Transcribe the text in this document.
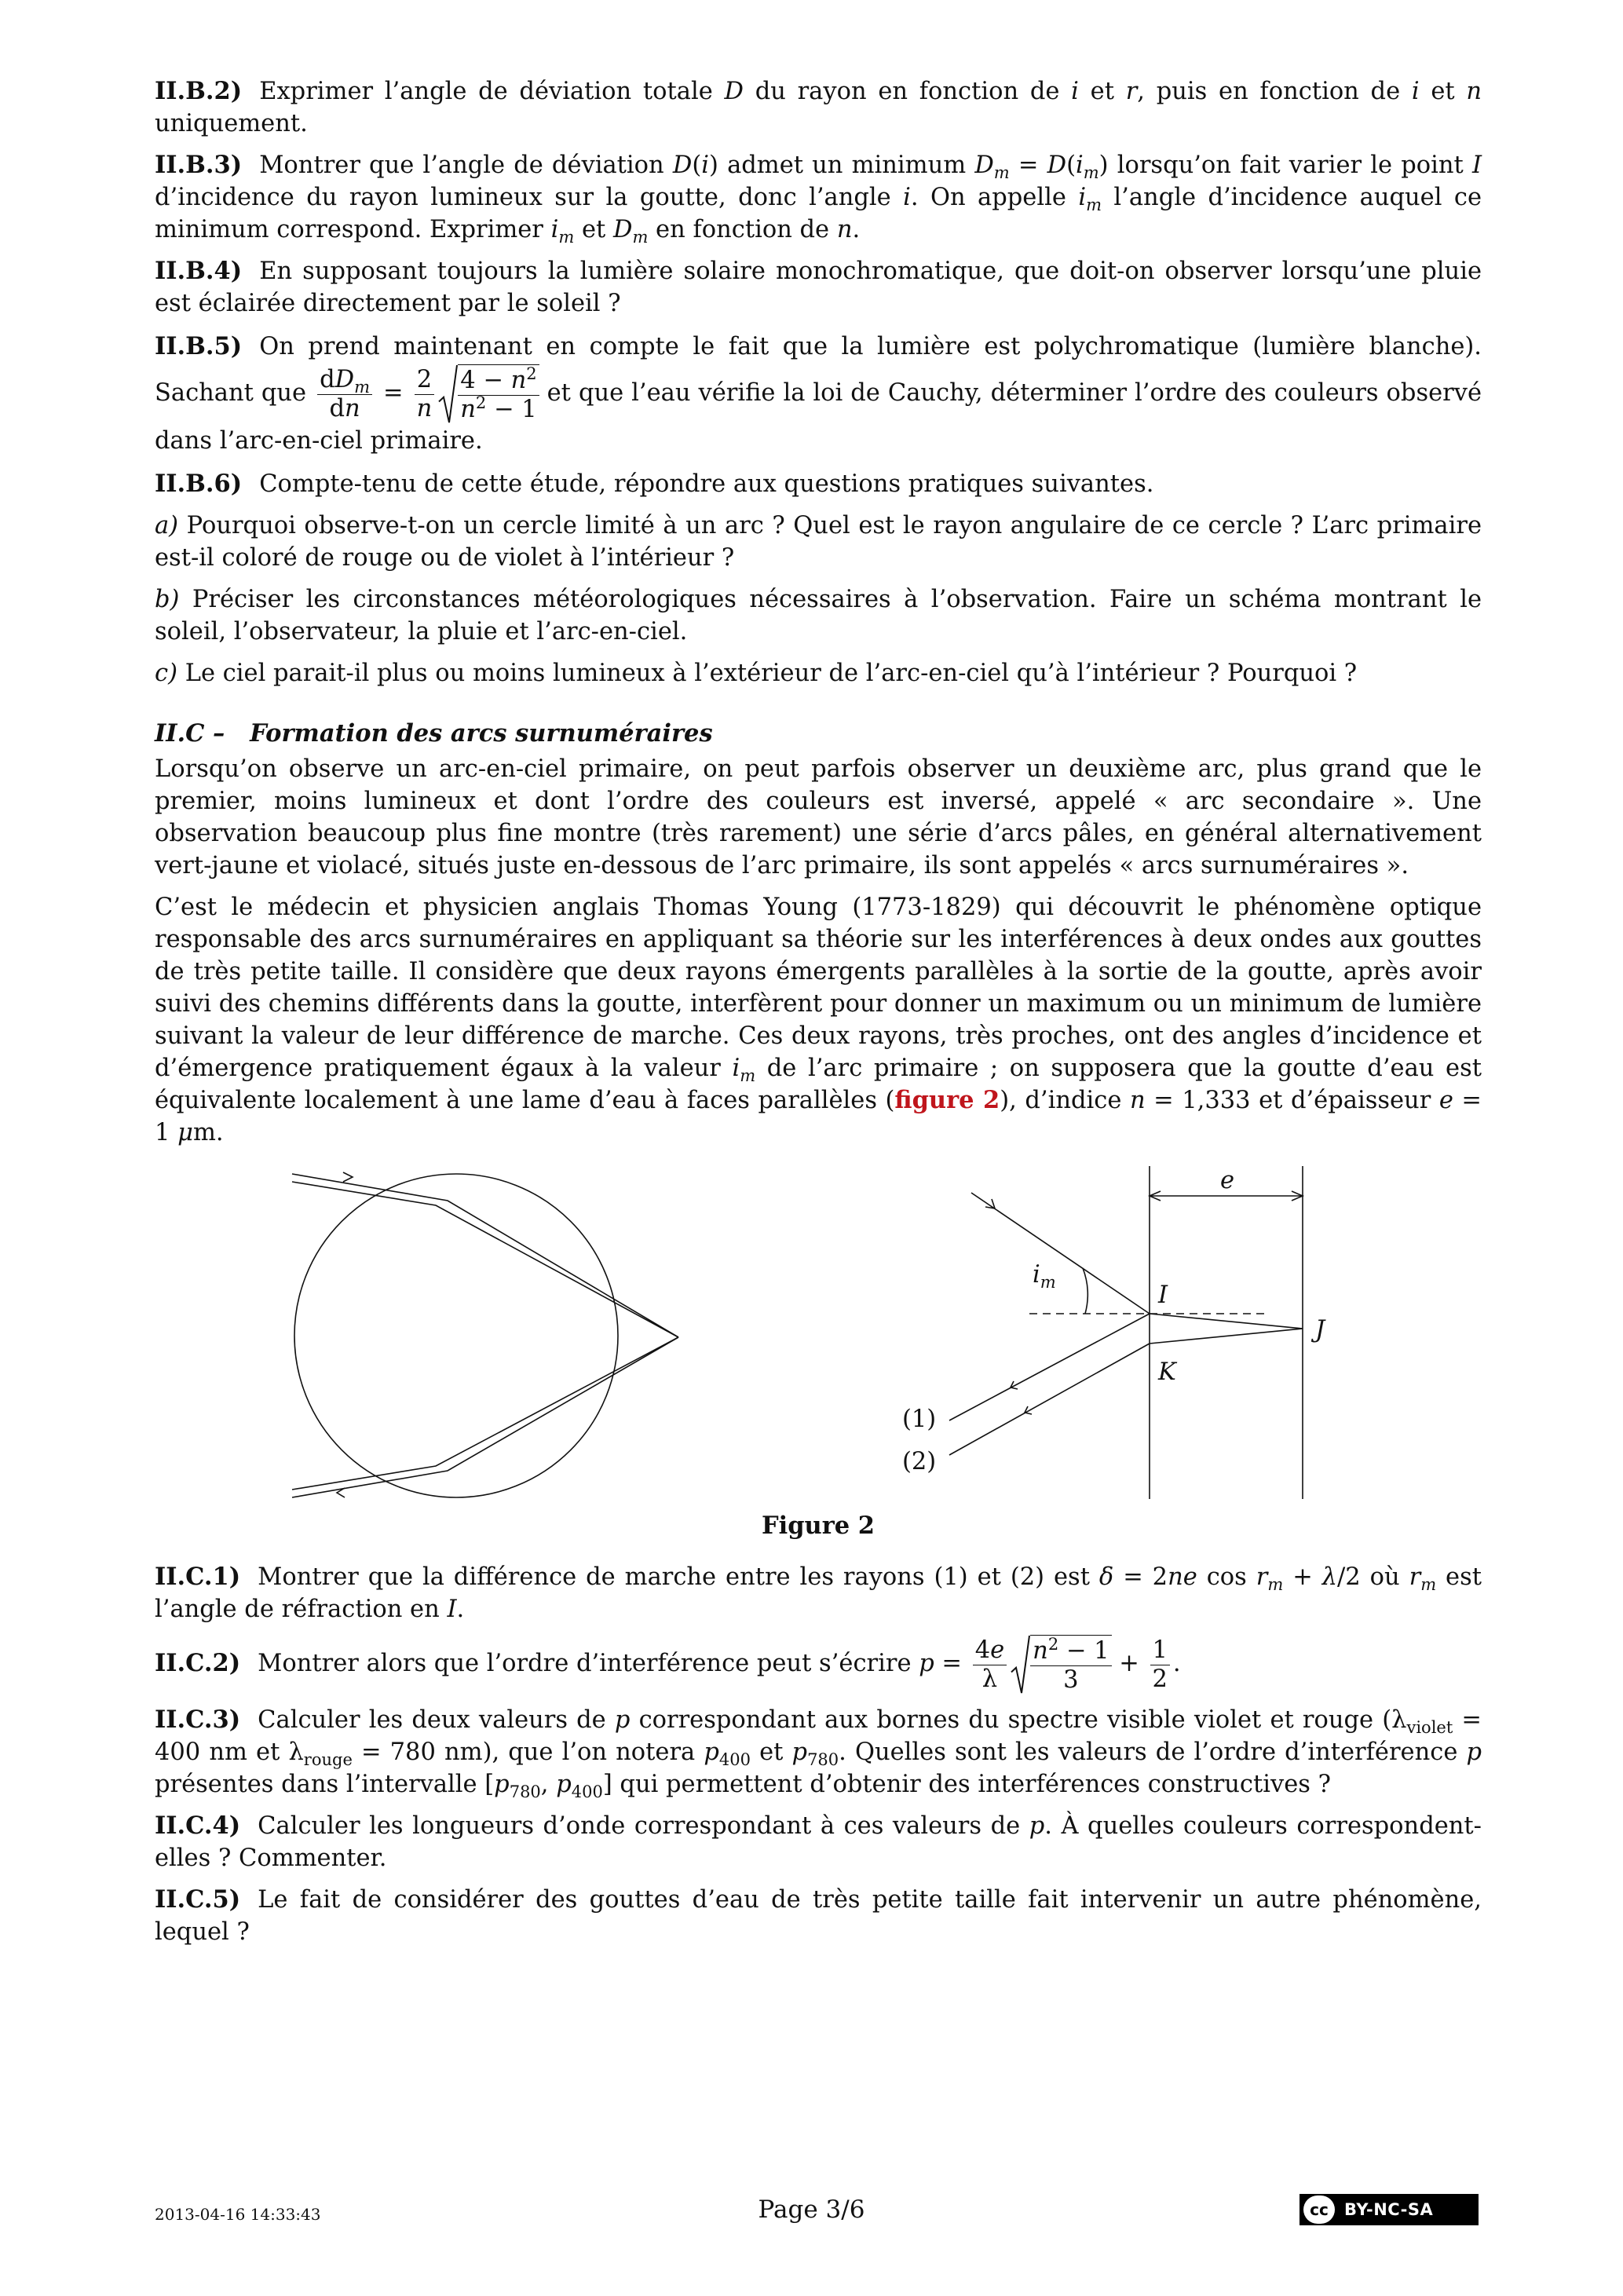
II.B.2) Exprimer l’angle de déviation totale D du rayon en fonction de i et r, puis en fonction de i et n uniquement.

II.B.3) Montrer que l’angle de déviation D(i) admet un minimum $D_m = D(i_m)$ lorsqu’on fait varier le point I d’incidence du rayon lumineux sur la goutte, donc l’angle i. On appelle $i_m$ l’angle d’incidence auquel ce minimum correspond. Exprimer $i_m$ et $D_m$ en fonction de n.

II.B.4) En supposant toujours la lumière solaire monochromatique, que doit-on observer lorsqu’une pluie est éclairée directement par le soleil ?

II.B.5) On prend maintenant en compte le fait que la lumière est polychromatique (lumière blanche). Sachant que $\frac{dD_m}{dn} = \frac{2}{n} \frac{4 - n^2}{n^2 - 1}$ et que l’eau vérifie la loi de Cauchy, déterminer l’ordre des couleurs observé dans l’arc-en-ciel primaire.

II.B.6) Compte-tenu de cette étude, répondre aux questions pratiques suivantes.

a) Pourquoi observe-t-on un cercle limité à un arc ? Quel est le rayon angulaire de ce cercle ? L’arc primaire est-il coloré de rouge ou de violet à l’intérieur ?

b) Préciser les circonstances météorologiques nécessaires à l’observation. Faire un schéma montrant le soleil, l’observateur, la pluie et l’arc-en-ciel.

c) Le ciel parait-il plus ou moins lumineux à l’extérieur de l’arc-en-ciel qu’à l’intérieur ? Pourquoi ?

II.C – Formation des arcs surnuméraires

Lorsqu’on observe un arc-en-ciel primaire, on peut parfois observer un deuxième arc, plus grand que le premier, moins lumineux et dont l’ordre des couleurs est inversé, appelé « arc secondaire ». Une observation beaucoup plus fine montre (très rarement) une série d’arcs pâles, en général alternativement vert-jaune et violacé, situés juste en-dessous de l’arc primaire, ils sont appelés « arcs surnuméraires ».

C’est le médecin et physicien anglais Thomas Young (1773-1829) qui découvrit le phénomène optique responsable des arcs surnuméraires en appliquant sa théorie sur les interférences à deux ondes aux gouttes de très petite taille. Il considère que deux rayons émergents parallèles à la sortie de la goutte, après avoir suivi des chemins différents dans la goutte, interfèrent pour donner un maximum ou un minimum de lumière suivant la valeur de leur différence de marche. Ces deux rayons, très proches, ont des angles d’incidence et d’émergence pratiquement égaux à la valeur $i_m$ de l’arc primaire ; on supposera que la goutte d’eau est équivalente localement à une lame d’eau à faces parallèles (figure 2), d’indice n = 1,333 et d’épaisseur e = 1 μm.

e
$i_m$	I
J
K
(1)
(2)
Figure 2

II.C.1) Montrer que la différence de marche entre les rayons (1) et (2) est δ = 2ne $\cos r_m + \lambda/2$ où $r_m$ est l’angle de réfraction en I.

II.C.2) Montrer alors que l’ordre d’interférence peut s’écrire $p = \frac{4e}{\lambda} \frac{n^2 - 1}{3} + \frac{1}{2}$ .

II.C.3) Calculer les deux valeurs de p correspondant aux bornes du spectre visible violet et rouge ($\lambda_{violet} = 400$ nm et $\lambda_{rouge} = 780$ nm), que l’on notera $p_{400}$ et $p_{780}$. Quelles sont les valeurs de l’ordre d’interférence p présentes dans l’intervalle [$p_{780}$, $p_{400}$] qui permettent d’obtenir des interférences constructives ?

II.C.4) Calculer les longueurs d’onde correspondant à ces valeurs de p. À quelles couleurs correspondent-elles ? Commenter.

II.C.5) Le fait de considérer des gouttes d’eau de très petite taille fait intervenir un autre phénomène, lequel ?

2013-04-16 14:33:43	Page 3/6	cc BY-NC-SA
